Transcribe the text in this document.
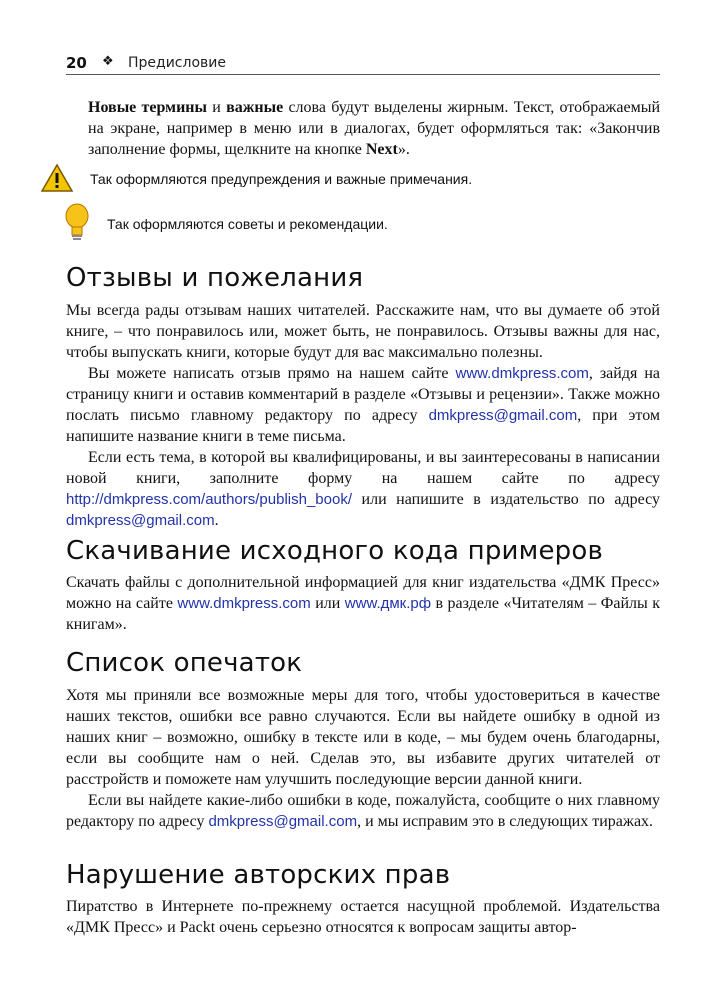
20 ❖ Предисловие

Новые термины и важные слова будут выделены жирным. Текст, отображаемый на экране, например в меню или в диалогах, будет оформляться так: «Закончив заполнение формы, щелкните на кнопке Next».

Так оформляются предупреждения и важные примечания.
Так оформляются советы и рекомендации.
Отзывы и пожелания

Мы всегда рады отзывам наших читателей. Расскажите нам, что вы думаете об этой книге, – что понравилось или, может быть, не понравилось. Отзывы важны для нас, чтобы выпускать книги, которые будут для вас максимально полезны.

Вы можете написать отзыв прямо на нашем сайте www.dmkpress.com, зайдя на страницу книги и оставив комментарий в разделе «Отзывы и рецензии». Также можно послать письмо главному редактору по адресу dmkpress@gmail.com, при этом напишите название книги в теме письма.

Если есть тема, в которой вы квалифицированы, и вы заинтересованы в написании новой книги, заполните форму на нашем сайте по адресу http://dmkpress.com/authors/publish_book/ или напишите в издательство по адресу dmkpress@gmail.com.

Скачивание исходного кода примеров

Скачать файлы с дополнительной информацией для книг издательства «ДМК Пресс» можно на сайте www.dmkpress.com или www.дмк.рф в разделе «Читателям – Файлы к книгам».

Список опечаток

Хотя мы приняли все возможные меры для того, чтобы удостовериться в качестве наших текстов, ошибки все равно случаются. Если вы найдете ошибку в одной из наших книг – возможно, ошибку в тексте или в коде, – мы будем очень благодарны, если вы сообщите нам о ней. Сделав это, вы избавите других читателей от расстройств и поможете нам улучшить последующие версии данной книги.

Если вы найдете какие-либо ошибки в коде, пожалуйста, сообщите о них главному редактору по адресу dmkpress@gmail.com, и мы исправим это в следующих тиражах.

Нарушение авторских прав

Пиратство в Интернете по-прежнему остается насущной проблемой. Издательства «ДМК Пресс» и Packt очень серьезно относятся к вопросам защиты автор-
